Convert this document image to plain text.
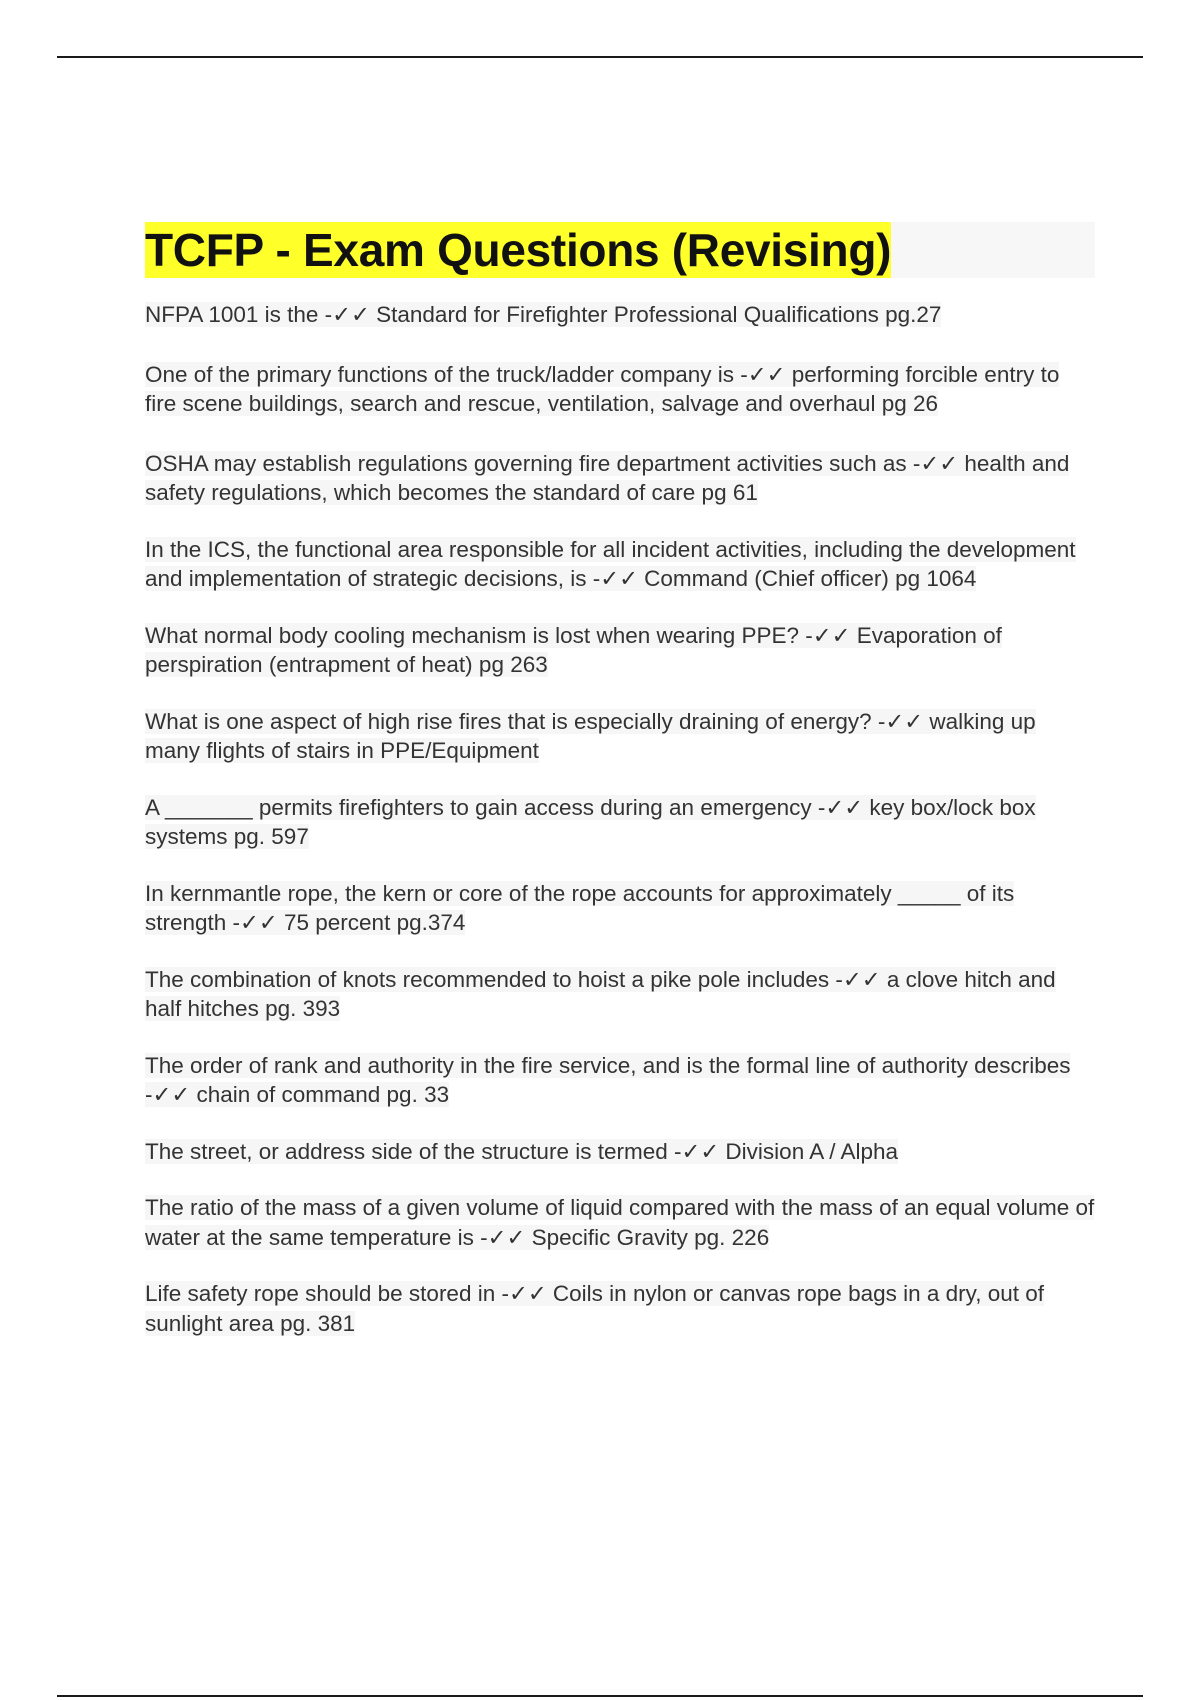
TCFP - Exam Questions (Revising)
NFPA 1001 is the -✓✓ Standard for Firefighter Professional Qualifications pg.27
One of the primary functions of the truck/ladder company is -✓✓ performing forcible entry to fire scene buildings, search and rescue, ventilation, salvage and overhaul pg 26
OSHA may establish regulations governing fire department activities such as -✓✓ health and safety regulations, which becomes the standard of care pg 61
In the ICS, the functional area responsible for all incident activities, including the development and implementation of strategic decisions, is -✓✓ Command (Chief officer) pg 1064
What normal body cooling mechanism is lost when wearing PPE? -✓✓ Evaporation of perspiration (entrapment of heat) pg 263
What is one aspect of high rise fires that is especially draining of energy? -✓✓ walking up many flights of stairs in PPE/Equipment
A _______ permits firefighters to gain access during an emergency -✓✓ key box/lock box systems pg. 597
In kernmantle rope, the kern or core of the rope accounts for approximately _____ of its strength -✓✓ 75 percent pg.374
The combination of knots recommended to hoist a pike pole includes -✓✓ a clove hitch and half hitches pg. 393
The order of rank and authority in the fire service, and is the formal line of authority describes -✓✓ chain of command pg. 33
The street, or address side of the structure is termed -✓✓ Division A / Alpha
The ratio of the mass of a given volume of liquid compared with the mass of an equal volume of water at the same temperature is -✓✓ Specific Gravity pg. 226
Life safety rope should be stored in -✓✓ Coils in nylon or canvas rope bags in a dry, out of sunlight area pg. 381
